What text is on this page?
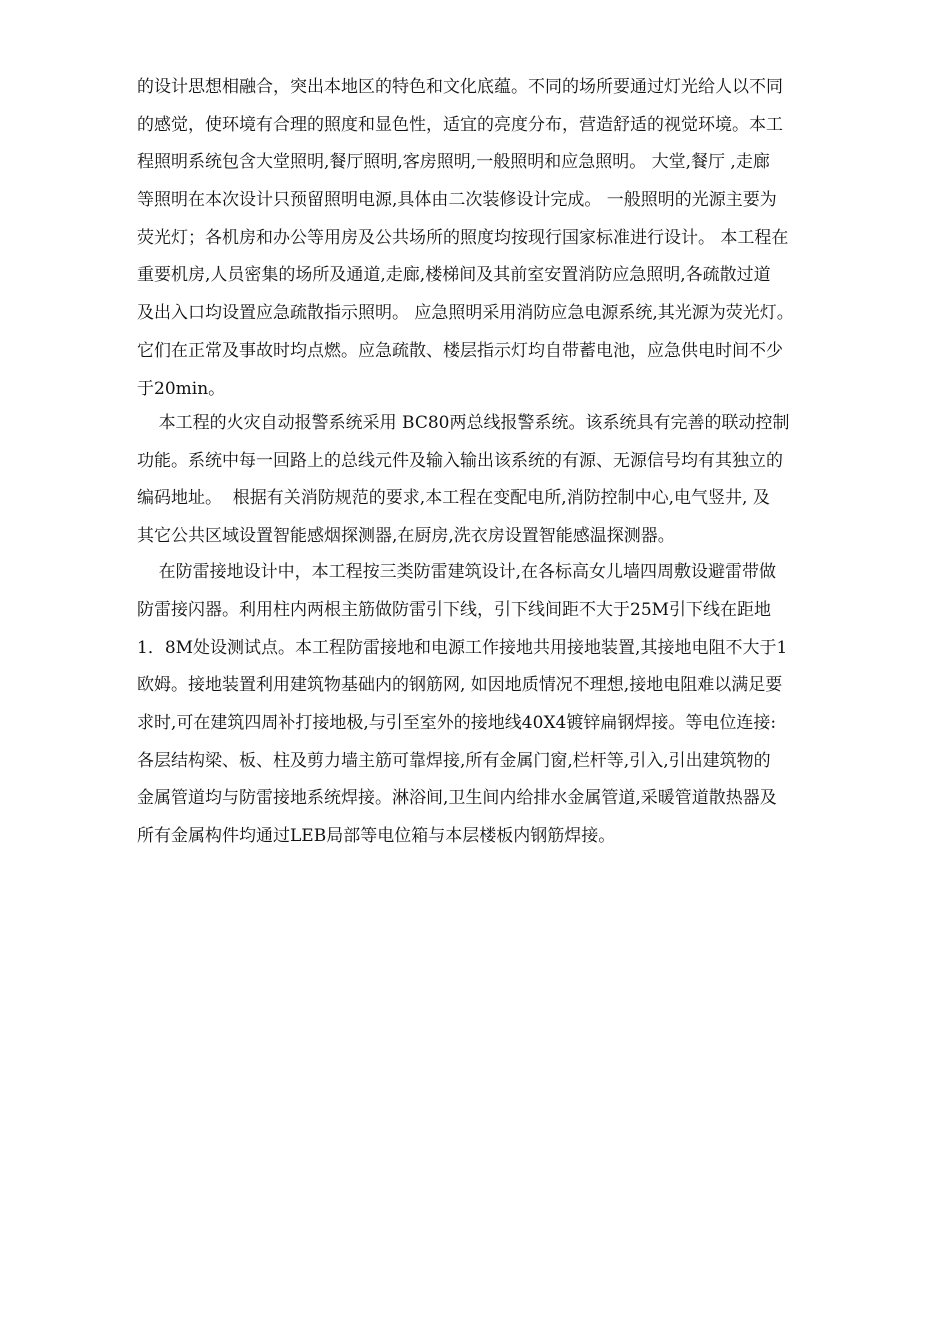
的设计思想相融合，突出本地区的特色和文化底蕴。不同的场所要通过灯光给人以不同
的感觉，使环境有合理的照度和显色性，适宜的亮度分布，营造舒适的视觉环境。本工
程照明系统包含大堂照明,餐厅照明,客房照明,一般照明和应急照明。 大堂,餐厅 ,走廊
等照明在本次设计只预留照明电源,具体由二次装修设计完成。 一般照明的光源主要为
荧光灯；各机房和办公等用房及公共场所的照度均按现行国家标准进行设计。 本工程在
重要机房,人员密集的场所及通道,走廊,楼梯间及其前室安置消防应急照明,各疏散过道
及出入口均设置应急疏散指示照明。 应急照明采用消防应急电源系统,其光源为荧光灯。
它们在正常及事故时均点燃。应急疏散、楼层指示灯均自带蓄电池，应急供电时间不少
于20min。
本工程的火灾自动报警系统采用 BC80两总线报警系统。该系统具有完善的联动控制
功能。系统中每一回路上的总线元件及输入输出该系统的有源、无源信号均有其独立的
编码地址。  根据有关消防规范的要求,本工程在变配电所,消防控制中心,电气竖井, 及
其它公共区域设置智能感烟探测器,在厨房,洗衣房设置智能感温探测器。
在防雷接地设计中，本工程按三类防雷建筑设计,在各标高女儿墙四周敷设避雷带做
防雷接闪器。利用柱内两根主筋做防雷引下线，引下线间距不大于25M引下线在距地
1．8M处设测试点。本工程防雷接地和电源工作接地共用接地装置,其接地电阻不大于1
欧姆。接地装置利用建筑物基础内的钢筋网, 如因地质情况不理想,接地电阻难以满足要
求时,可在建筑四周补打接地极,与引至室外的接地线40X4镀锌扁钢焊接。等电位连接:
各层结构梁、板、柱及剪力墙主筋可靠焊接,所有金属门窗,栏杆等,引入,引出建筑物的
金属管道均与防雷接地系统焊接。淋浴间,卫生间内给排水金属管道,采暖管道散热器及
所有金属构件均通过LEB局部等电位箱与本层楼板内钢筋焊接。
